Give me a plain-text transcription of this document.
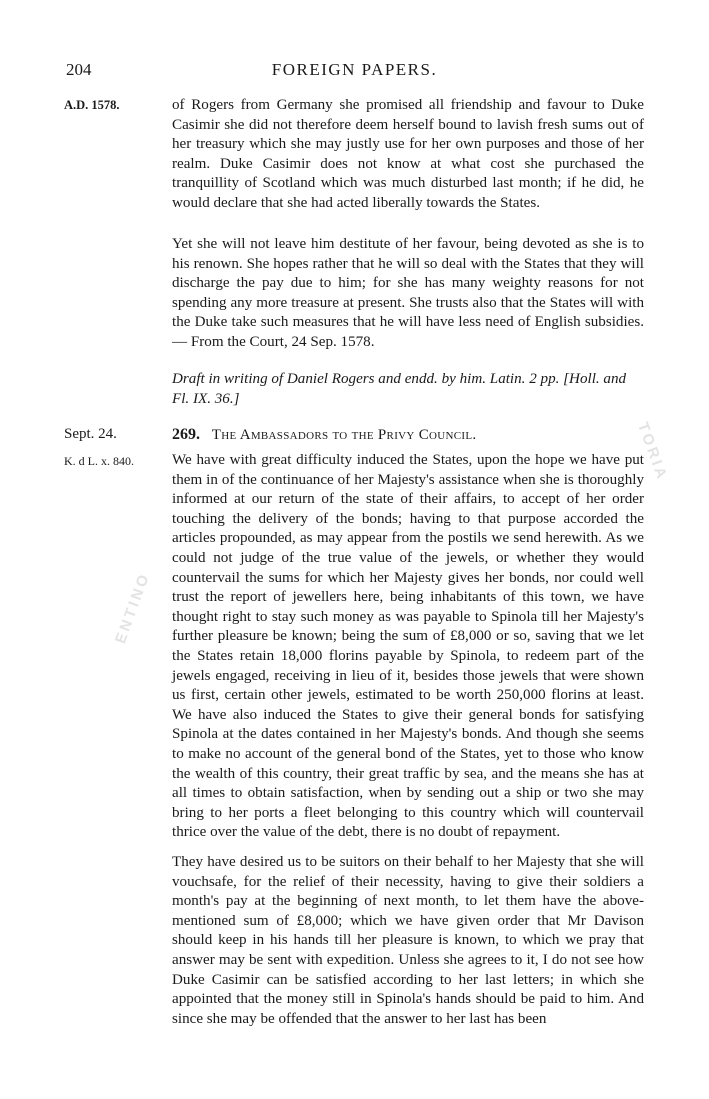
204	FOREIGN PAPERS.
A.D. 1578.	of Rogers from Germany she promised all friendship and favour to Duke Casimir she did not therefore deem herself bound to lavish fresh sums out of her treasury which she may justly use for her own purposes and those of her realm. Duke Casimir does not know at what cost she purchased the tranquillity of Scotland which was much disturbed last month; if he did, he would declare that she had acted liberally towards the States.

Yet she will not leave him destitute of her favour, being devoted as she is to his renown. She hopes rather that he will so deal with the States that they will discharge the pay due to him; for she has many weighty reasons for not spending any more treasure at present. She trusts also that the States will with the Duke take such measures that he will have less need of English subsidies.— From the Court, 24 Sep. 1578.

Draft in writing of Daniel Rogers and endd. by him. Latin. 2 pp. [Holl. and Fl. IX. 36.]

Sept. 24.	269. The Ambassadors to the Privy Council.
K. d L. x. 840.	We have with great difficulty induced the States, upon the hope we have put them in of the continuance of her Majesty's assistance when she is thoroughly informed at our return of the state of their affairs, to accept of her order touching the delivery of the bonds; having to that purpose accorded the articles propounded, as may appear from the postils we send herewith. As we could not judge of the true value of the jewels, or whether they would countervail the sums for which her Majesty gives her bonds, nor could well trust the report of jewellers here, being inhabitants of this town, we have thought right to stay such money as was payable to Spinola till her Majesty's further pleasure be known; being the sum of £8,000 or so, saving that we let the States retain 18,000 florins payable by Spinola, to redeem part of the jewels engaged, receiving in lieu of it, besides those jewels that were shown us first, certain other jewels, estimated to be worth 250,000 florins at least. We have also induced the States to give their general bonds for satisfying Spinola at the dates contained in her Majesty's bonds. And though she seems to make no account of the general bond of the States, yet to those who know the wealth of this country, their great traffic by sea, and the means she has at all times to obtain satisfaction, when by sending out a ship or two she may bring to her ports a fleet belonging to this country which will countervail thrice over the value of the debt, there is no doubt of repayment.

They have desired us to be suitors on their behalf to her Majesty that she will vouchsafe, for the relief of their necessity, having to give their soldiers a month's pay at the beginning of next month, to let them have the above-mentioned sum of £8,000; which we have given order that Mr Davison should keep in his hands till her pleasure is known, to which we pray that answer may be sent with expedition. Unless she agrees to it, I do not see how Duke Casimir can be satisfied according to her last letters; in which she appointed that the money still in Spinola's hands should be paid to him. And since she may be offended that the answer to her last has been

ENTINO
TORIA
